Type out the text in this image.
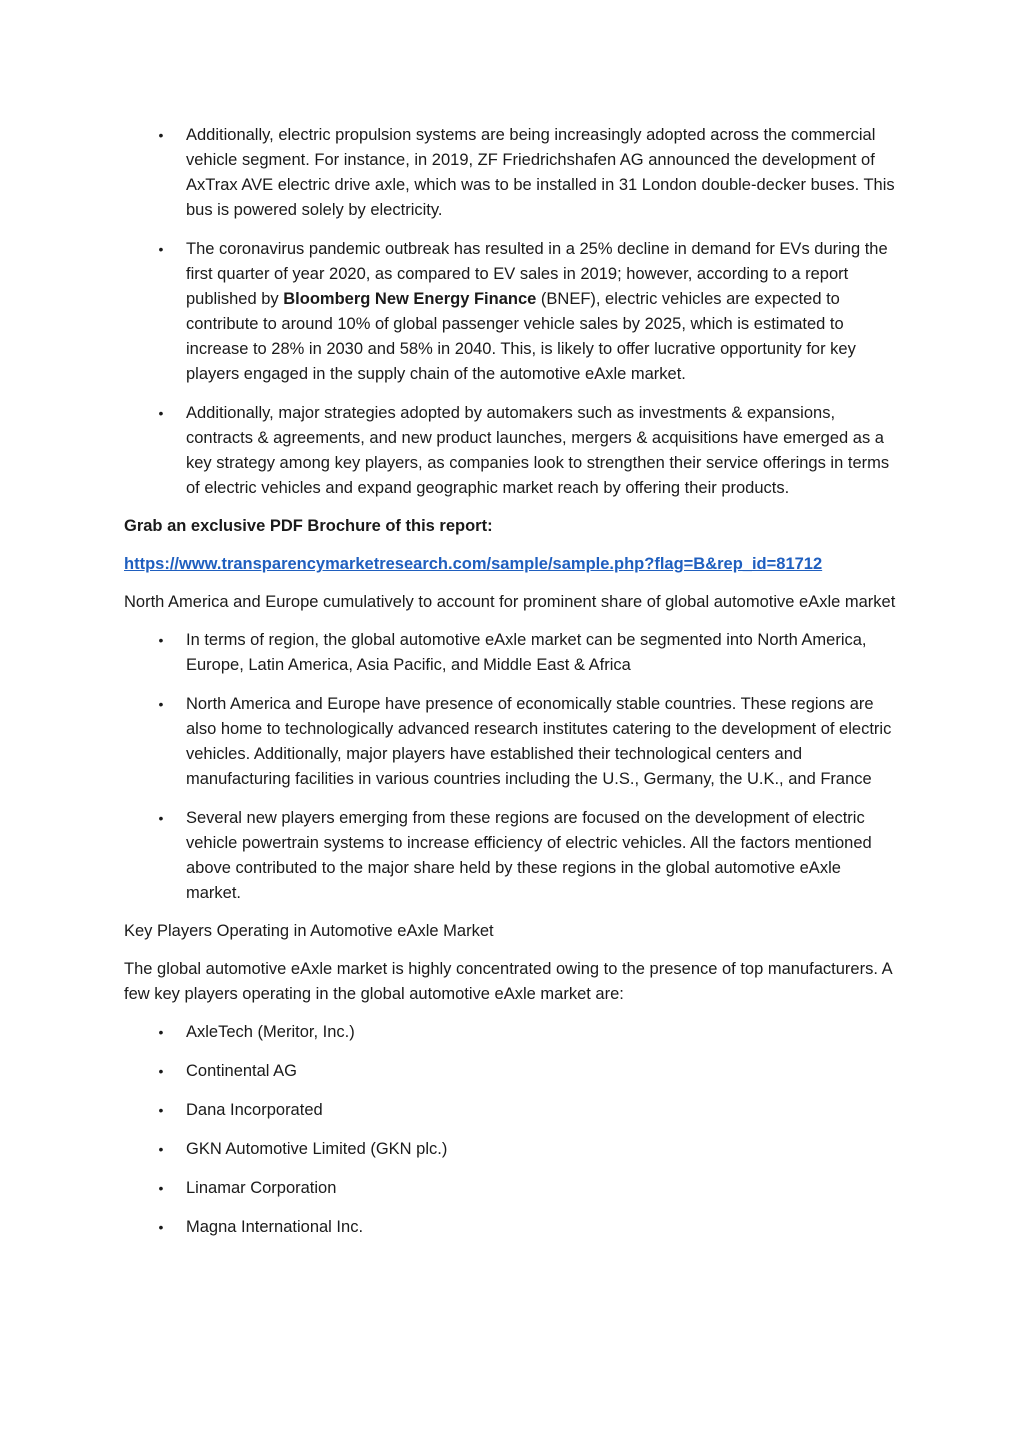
• Additionally, electric propulsion systems are being increasingly adopted across the commercial vehicle segment. For instance, in 2019, ZF Friedrichshafen AG announced the development of AxTrax AVE electric drive axle, which was to be installed in 31 London double-decker buses. This bus is powered solely by electricity.
• The coronavirus pandemic outbreak has resulted in a 25% decline in demand for EVs during the first quarter of year 2020, as compared to EV sales in 2019; however, according to a report published by Bloomberg New Energy Finance (BNEF), electric vehicles are expected to contribute to around 10% of global passenger vehicle sales by 2025, which is estimated to increase to 28% in 2030 and 58% in 2040. This, is likely to offer lucrative opportunity for key players engaged in the supply chain of the automotive eAxle market.
• Additionally, major strategies adopted by automakers such as investments & expansions, contracts & agreements, and new product launches, mergers & acquisitions have emerged as a key strategy among key players, as companies look to strengthen their service offerings in terms of electric vehicles and expand geographic market reach by offering their products.

Grab an exclusive PDF Brochure of this report:

https://www.transparencymarketresearch.com/sample/sample.php?flag=B&rep_id=81712

North America and Europe cumulatively to account for prominent share of global automotive eAxle market

• In terms of region, the global automotive eAxle market can be segmented into North America, Europe, Latin America, Asia Pacific, and Middle East & Africa
• North America and Europe have presence of economically stable countries. These regions are also home to technologically advanced research institutes catering to the development of electric vehicles. Additionally, major players have established their technological centers and manufacturing facilities in various countries including the U.S., Germany, the U.K., and France
• Several new players emerging from these regions are focused on the development of electric vehicle powertrain systems to increase efficiency of electric vehicles. All the factors mentioned above contributed to the major share held by these regions in the global automotive eAxle market.

Key Players Operating in Automotive eAxle Market

The global automotive eAxle market is highly concentrated owing to the presence of top manufacturers. A few key players operating in the global automotive eAxle market are:

• AxleTech (Meritor, Inc.)
• Continental AG
• Dana Incorporated
• GKN Automotive Limited (GKN plc.)
• Linamar Corporation
• Magna International Inc.
